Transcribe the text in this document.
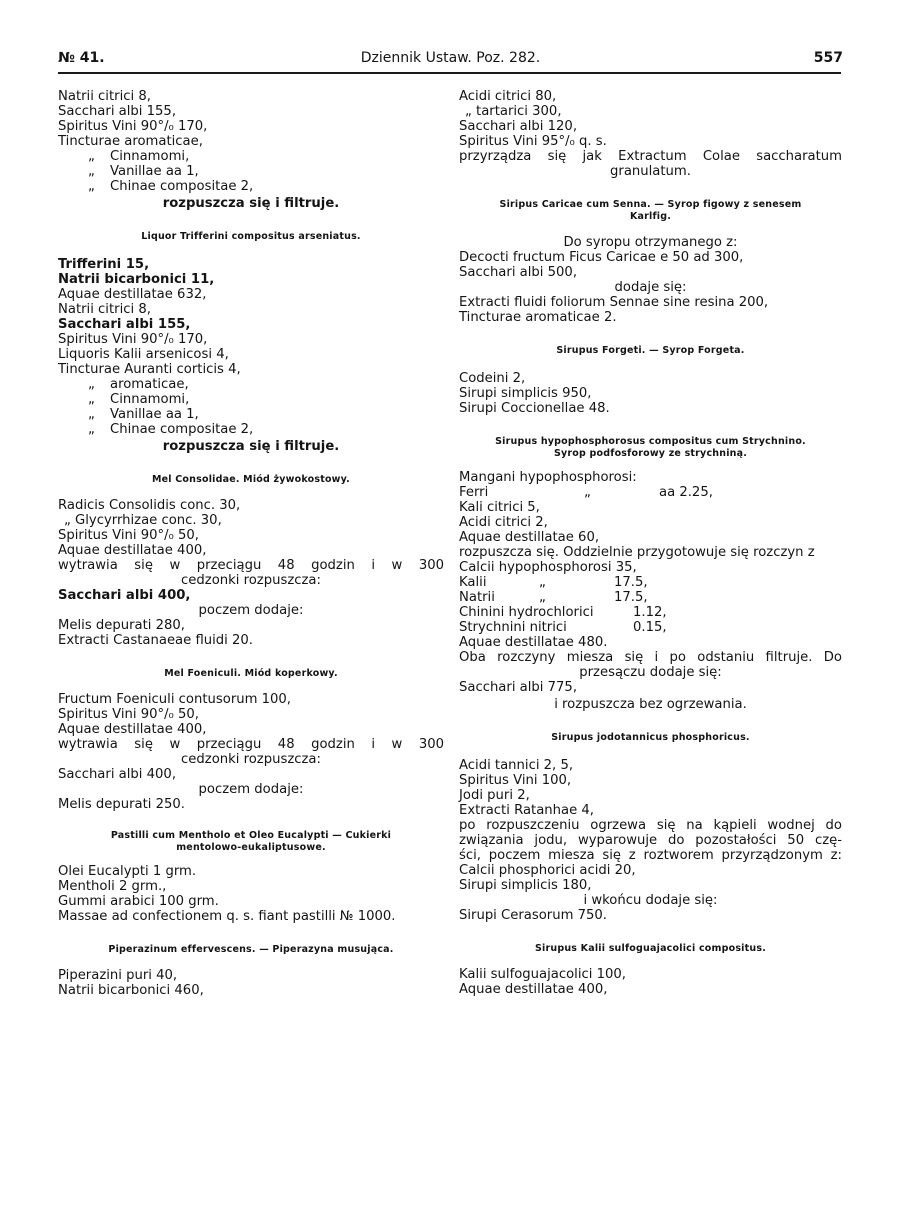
№ 41.	Dziennik Ustaw. Poz. 282.	557
Natrii citrici 8,
Sacchari albi 155,
Spiritus Vini 90°/₀ 170,
Tincturae aromaticae,
„ Cinnamomi,
„ Vanillae aa 1,
„ Chinae compositae 2,
rozpuszcza się i filtruje.
Liquor Trifferini compositus arseniatus.
Trifferini 15,
Natrii bicarbonici 11,
Aquae destillatae 632,
Natrii citrici 8,
Sacchari albi 155,
Spiritus Vini 90°/₀ 170,
Liquoris Kalii arsenicosi 4,
Tincturae Auranti corticis 4,
„ aromaticae,
„ Cinnamomi,
„ Vanillae aa 1,
„ Chinae compositae 2,
rozpuszcza się i filtruje.
Mel Consolidae. Miód żywokostowy.
Radicis Consolidis conc. 30,
„ Glycyrrhizae conc. 30,
Spiritus Vini 90°/₀ 50,
Aquae destillatae 400,
wytrawia się w przeciągu 48 godzin i w 300
cedzonki rozpuszcza:
Sacchari albi 400,
poczem dodaje:
Melis depurati 280,
Extracti Castanaeae fluidi 20.
Mel Foeniculi. Miód koperkowy.
Fructum Foeniculi contusorum 100,
Spiritus Vini 90°/₀ 50,
Aquae destillatae 400,
wytrawia się w przeciągu 48 godzin i w 300
cedzonki rozpuszcza:
Sacchari albi 400,
poczem dodaje:
Melis depurati 250.
Pastilli cum Mentholo et Oleo Eucalypti — Cukierki
mentolowo-eukaliptusowe.
Olei Eucalypti 1 grm.
Mentholi 2 grm.,
Gummi arabici 100 grm.
Massae ad confectionem q. s. fiant pastilli № 1000.
Piperazinum effervescens. — Piperazyna musująca.
Piperazini puri 40,
Natrii bicarbonici 460,
Acidi citrici 80,
„ tartarici 300,
Sacchari albi 120,
Spiritus Vini 95°/₀ q. s.
przyrządza się jak Extractum Colae saccharatum
granulatum.
Siripus Caricae cum Senna. — Syrop figowy z senesem
Karlfig.
Do syropu otrzymanego z:
Decocti fructum Ficus Caricae e 50 ad 300,
Sacchari albi 500,
dodaje się:
Extracti fluidi foliorum Sennae sine resina 200,
Tincturae aromaticae 2.
Sirupus Forgeti. — Syrop Forgeta.
Codeini 2,
Sirupi simplicis 950,
Sirupi Coccionellae 48.
Sirupus hypophosphorosus compositus cum Strychnino.
Syrop podfosforowy ze strychniną.
Mangani hypophosphorosi:
Ferri	„	aa 2.25,
Kali citrici 5,
Acidi citrici 2,
Aquae destillatae 60,
rozpuszcza się. Oddzielnie przygotowuje się rozczyn z
Calcii hypophosphorosi 35,
Kalii	„	17.5,
Natrii	„	17.5,
Chinini hydrochlorici	1.12,
Strychnini nitrici	0.15,
Aquae destillatae 480.
Oba rozczyny miesza się i po odstaniu filtruje. Do
przesączu dodaje się:
Sacchari albi 775,
i rozpuszcza bez ogrzewania.
Sirupus jodotannicus phosphoricus.
Acidi tannici 2, 5,
Spiritus Vini 100,
Jodi puri 2,
Extracti Ratanhae 4,
po rozpuszczeniu ogrzewa się na kąpieli wodnej do
związania jodu, wyparowuje do pozostałości 50 czę-
ści, poczem miesza się z roztworem przyrządzonym z:
Calcii phosphorici acidi 20,
Sirupi simplicis 180,
i wkońcu dodaje się:
Sirupi Cerasorum 750.
Sirupus Kalii sulfoguajacolici compositus.
Kalii sulfoguajacolici 100,
Aquae destillatae 400,
